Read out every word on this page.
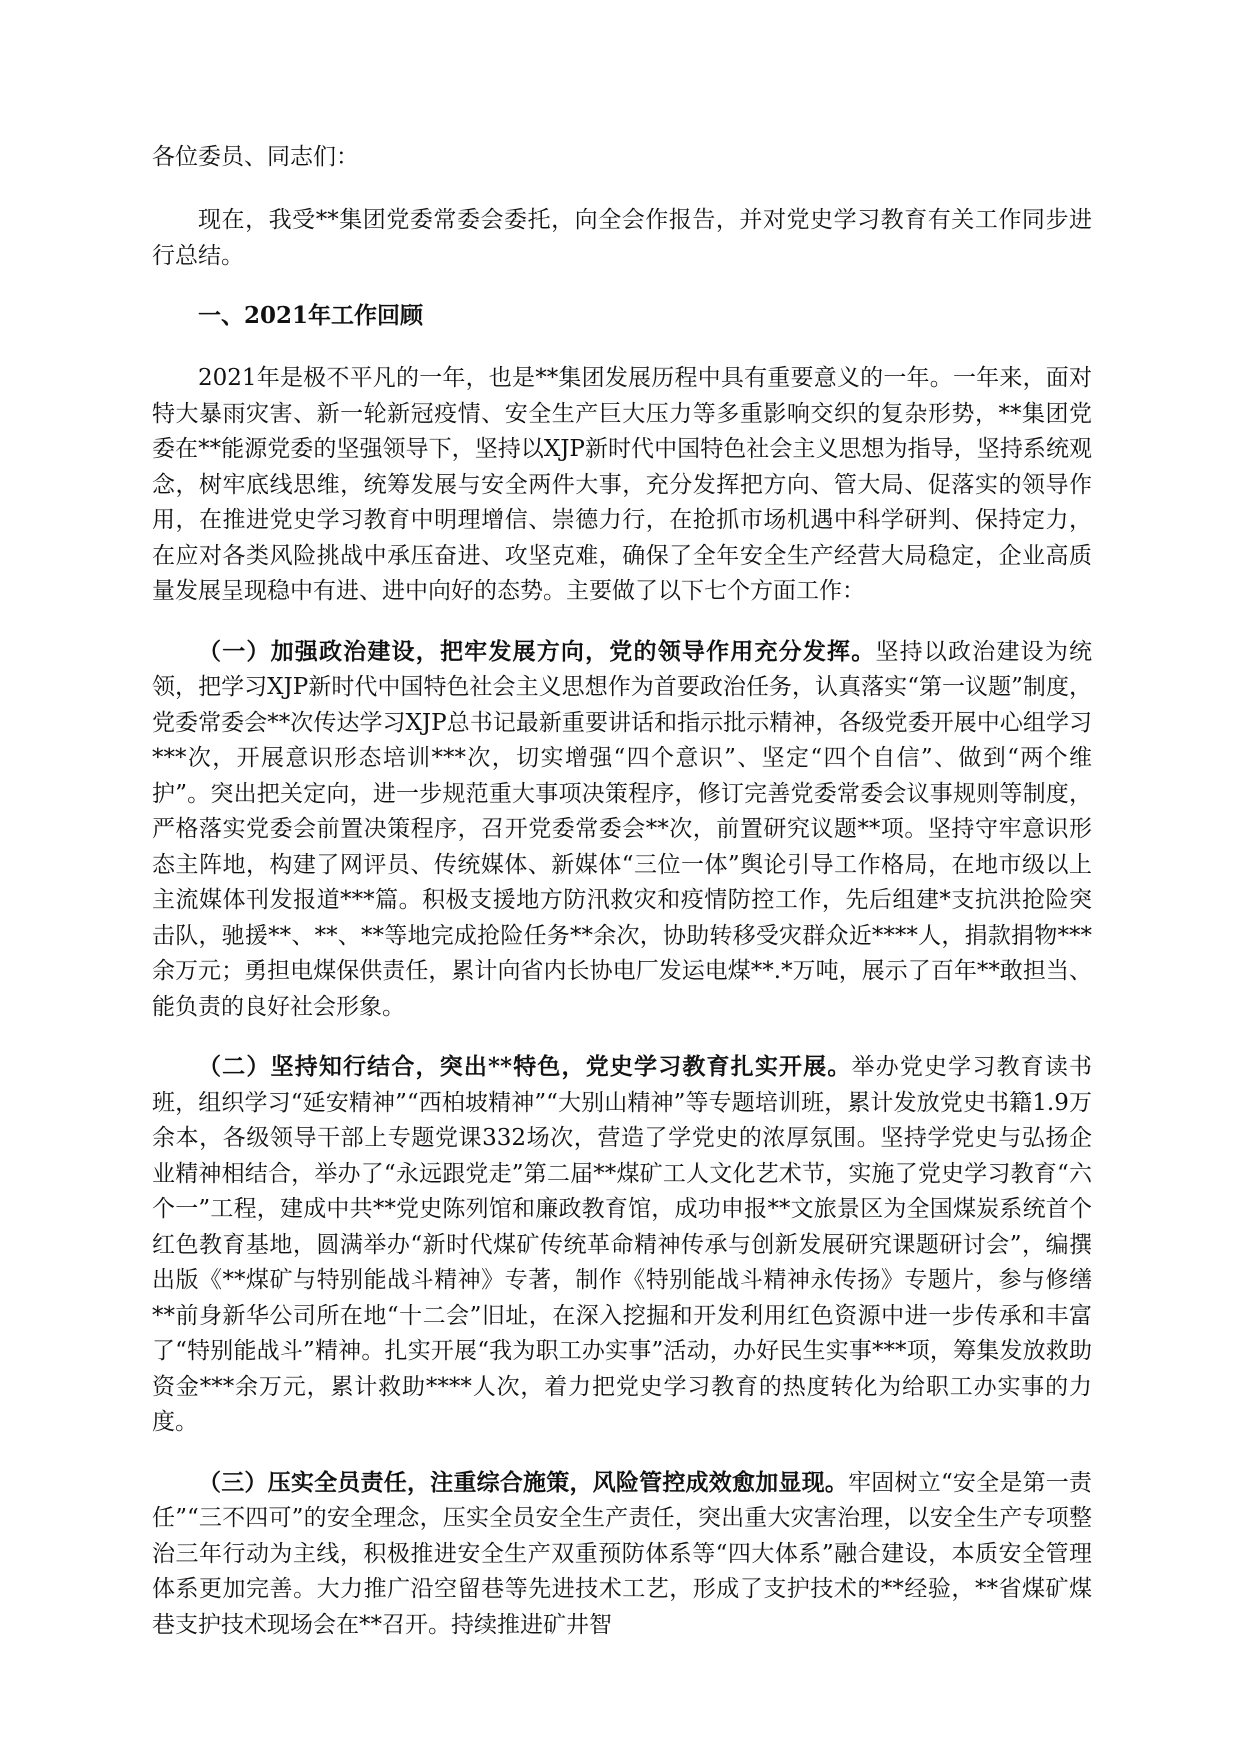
各位委员、同志们：

现在，我受**集团党委常委会委托，向全会作报告，并对党史学习教育有关工作同步进行总结。

一、2021年工作回顾

2021年是极不平凡的一年，也是**集团发展历程中具有重要意义的一年。一年来，面对特大暴雨灾害、新一轮新冠疫情、安全生产巨大压力等多重影响交织的复杂形势，**集团党委在**能源党委的坚强领导下，坚持以XJP新时代中国特色社会主义思想为指导，坚持系统观念，树牢底线思维，统筹发展与安全两件大事，充分发挥把方向、管大局、促落实的领导作用，在推进党史学习教育中明理增信、崇德力行，在抢抓市场机遇中科学研判、保持定力，在应对各类风险挑战中承压奋进、攻坚克难，确保了全年安全生产经营大局稳定，企业高质量发展呈现稳中有进、进中向好的态势。主要做了以下七个方面工作：

（一）加强政治建设，把牢发展方向，党的领导作用充分发挥。坚持以政治建设为统领，把学习XJP新时代中国特色社会主义思想作为首要政治任务，认真落实“第一议题”制度，党委常委会**次传达学习XJP总书记最新重要讲话和指示批示精神，各级党委开展中心组学习***次，开展意识形态培训***次，切实增强“四个意识”、坚定“四个自信”、做到“两个维护”。突出把关定向，进一步规范重大事项决策程序，修订完善党委常委会议事规则等制度，严格落实党委会前置决策程序，召开党委常委会**次，前置研究议题**项。坚持守牢意识形态主阵地，构建了网评员、传统媒体、新媒体“三位一体”舆论引导工作格局，在地市级以上主流媒体刊发报道***篇。积极支援地方防汛救灾和疫情防控工作，先后组建*支抗洪抢险突击队，驰援**、**、**等地完成抢险任务**余次，协助转移受灾群众近****人，捐款捐物***余万元；勇担电煤保供责任，累计向省内长协电厂发运电煤**.*万吨，展示了百年**敢担当、能负责的良好社会形象。

（二）坚持知行结合，突出**特色，党史学习教育扎实开展。举办党史学习教育读书班，组织学习“延安精神”“西柏坡精神”“大别山精神”等专题培训班，累计发放党史书籍1.9万余本，各级领导干部上专题党课332场次，营造了学党史的浓厚氛围。坚持学党史与弘扬企业精神相结合，举办了“永远跟党走”第二届**煤矿工人文化艺术节，实施了党史学习教育“六个一”工程，建成中共**党史陈列馆和廉政教育馆，成功申报**文旅景区为全国煤炭系统首个红色教育基地，圆满举办“新时代煤矿传统革命精神传承与创新发展研究课题研讨会”，编撰出版《**煤矿与特别能战斗精神》专著，制作《特别能战斗精神永传扬》专题片，参与修缮**前身新华公司所在地“十二会”旧址，在深入挖掘和开发利用红色资源中进一步传承和丰富了“特别能战斗”精神。扎实开展“我为职工办实事”活动，办好民生实事***项，筹集发放救助资金***余万元，累计救助****人次，着力把党史学习教育的热度转化为给职工办实事的力度。

（三）压实全员责任，注重综合施策，风险管控成效愈加显现。牢固树立“安全是第一责任”“三不四可”的安全理念，压实全员安全生产责任，突出重大灾害治理，以安全生产专项整治三年行动为主线，积极推进安全生产双重预防体系等“四大体系”融合建设，本质安全管理体系更加完善。大力推广沿空留巷等先进技术工艺，形成了支护技术的**经验，**省煤矿煤巷支护技术现场会在**召开。持续推进矿井智
